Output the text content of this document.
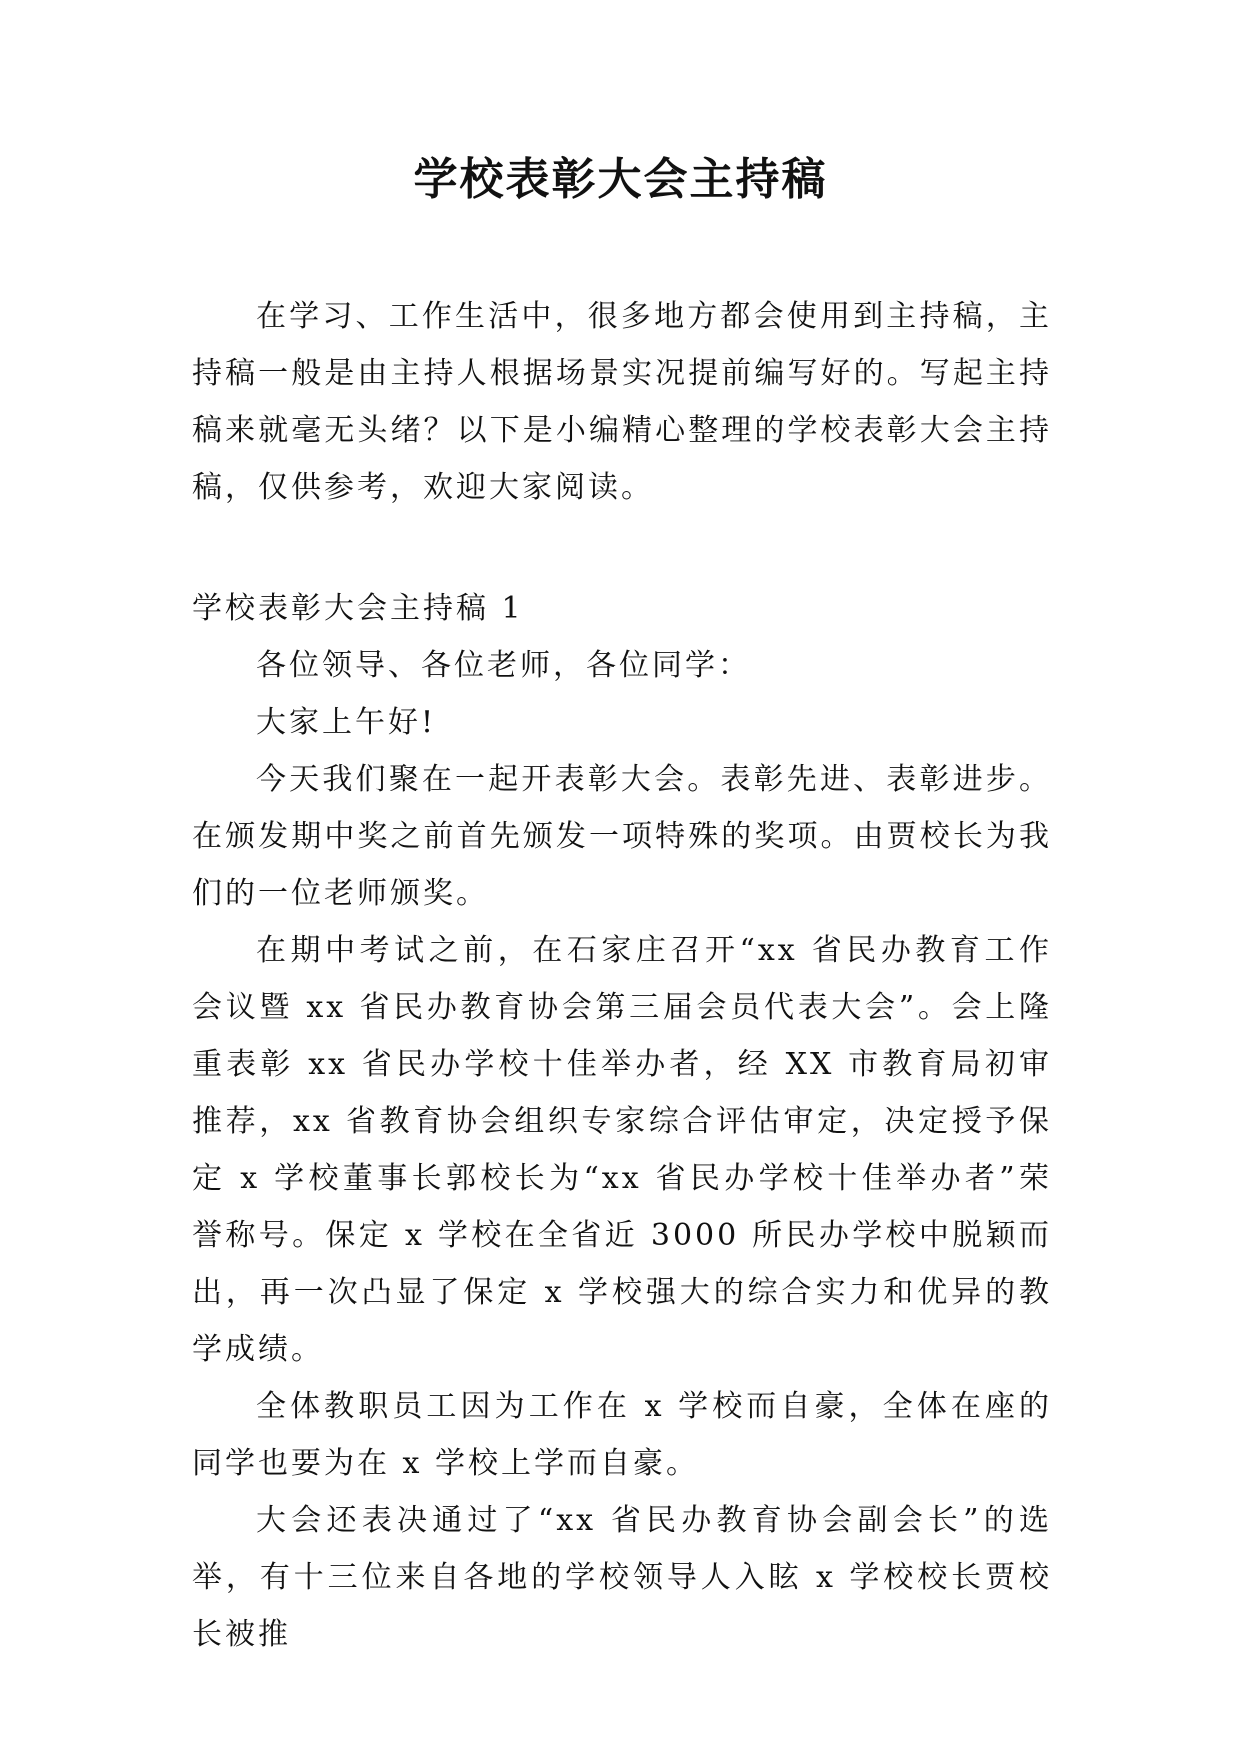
学校表彰大会主持稿

在学习、工作生活中，很多地方都会使用到主持稿，主持稿一般是由主持人根据场景实况提前编写好的。写起主持稿来就毫无头绪？以下是小编精心整理的学校表彰大会主持稿，仅供参考，欢迎大家阅读。

学校表彰大会主持稿 1

各位领导、各位老师，各位同学：

大家上午好!

今天我们聚在一起开表彰大会。表彰先进、表彰进步。在颁发期中奖之前首先颁发一项特殊的奖项。由贾校长为我们的一位老师颁奖。

在期中考试之前，在石家庄召开“xx 省民办教育工作会议暨 xx 省民办教育协会第三届会员代表大会”。会上隆重表彰 xx 省民办学校十佳举办者，经 XX 市教育局初审推荐，xx 省教育协会组织专家综合评估审定，决定授予保定 x 学校董事长郭校长为“xx 省民办学校十佳举办者”荣誉称号。保定 x 学校在全省近 3000 所民办学校中脱颖而出，再一次凸显了保定 x 学校强大的综合实力和优异的教学成绩。

全体教职员工因为工作在 x 学校而自豪，全体在座的同学也要为在 x 学校上学而自豪。

大会还表决通过了“xx 省民办教育协会副会长”的选举，有十三位来自各地的学校领导人入眩 x 学校校长贾校长被推
